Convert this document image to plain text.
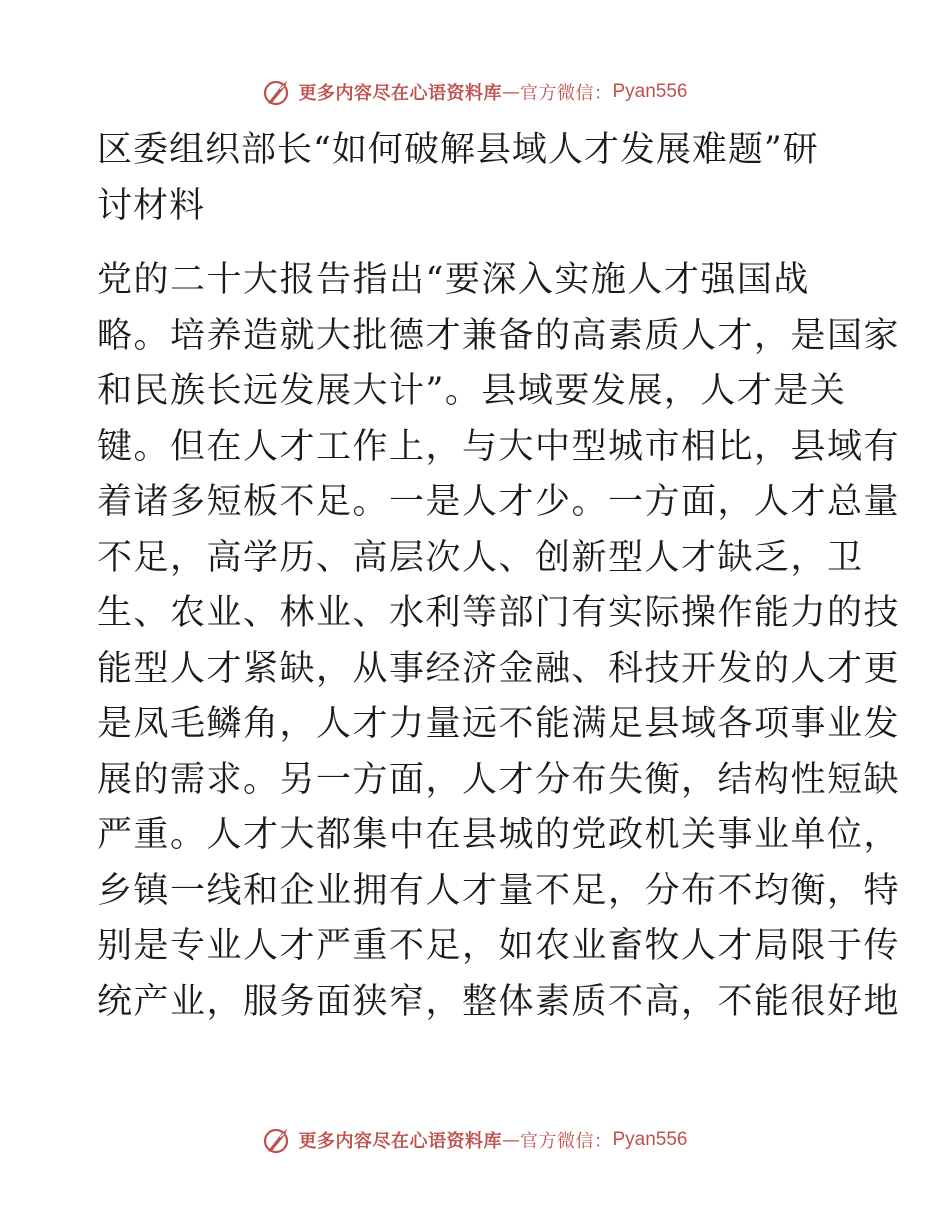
更多内容尽在心语资料库 — 官方微信： Pyan556
区委组织部长“如何破解县域人才发展难题”研
讨材料

党的二十大报告指出“要深入实施人才强国战
略。培养造就大批德才兼备的高素质人才，是国家
和民族长远发展大计”。县域要发展，人才是关
键。但在人才工作上，与大中型城市相比，县域有
着诸多短板不足。一是人才少。一方面，人才总量
不足，高学历、高层次人、创新型人才缺乏，卫
生、农业、林业、水利等部门有实际操作能力的技
能型人才紧缺，从事经济金融、科技开发的人才更
是凤毛鳞角，人才力量远不能满足县域各项事业发
展的需求。另一方面，人才分布失衡，结构性短缺
严重。人才大都集中在县城的党政机关事业单位，
乡镇一线和企业拥有人才量不足，分布不均衡，特
别是专业人才严重不足，如农业畜牧人才局限于传
统产业，服务面狭窄，整体素质不高，不能很好地

更多内容尽在心语资料库 — 官方微信： Pyan556
